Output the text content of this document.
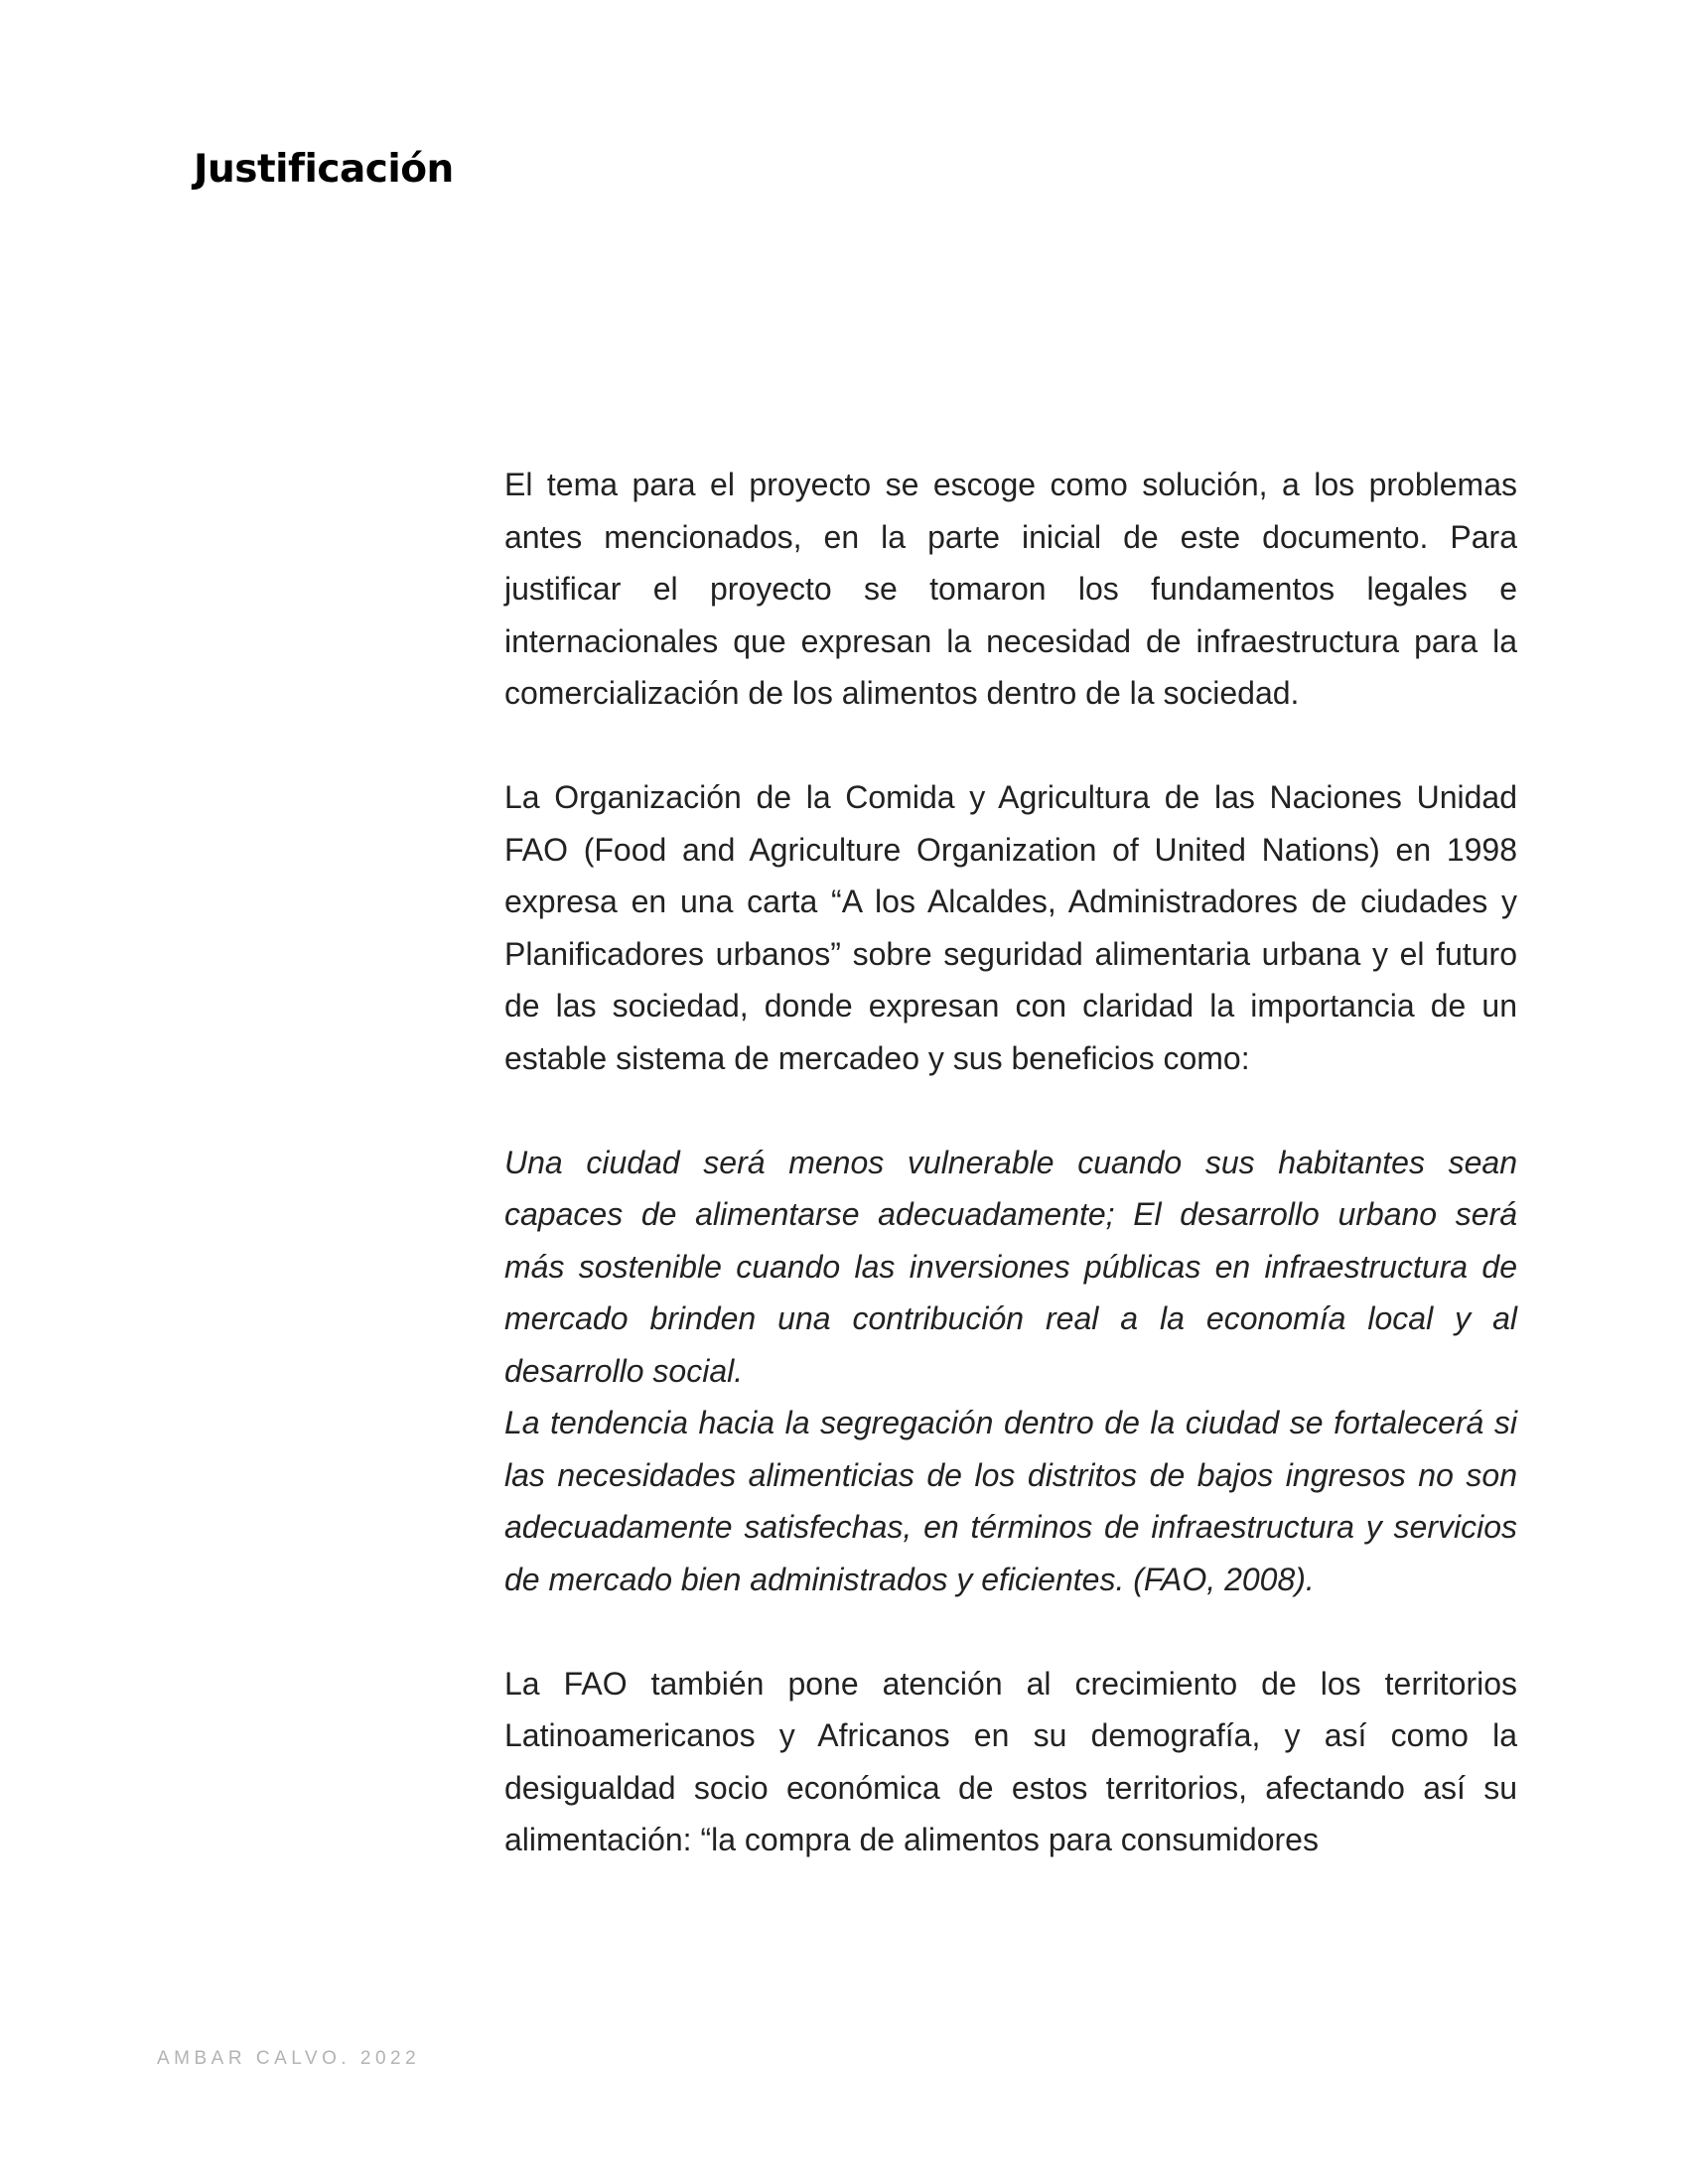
Justificación

El tema para el proyecto se escoge como solución, a los problemas antes mencionados, en la parte inicial de este documento. Para justificar el proyecto se tomaron los fundamentos legales e internacionales que expresan la necesidad de infraestructura para la comercialización de los alimentos dentro de la sociedad.

La Organización de la Comida y Agricultura de las Naciones Unidad FAO (Food and Agriculture Organization of United Nations) en 1998 expresa en una carta “A los Alcaldes, Administradores de ciudades y Planificadores urbanos” sobre seguridad alimentaria urbana y el futuro de las sociedad, donde expresan con claridad la importancia de un estable sistema de mercadeo y sus beneficios como:

Una ciudad será menos vulnerable cuando sus habitantes sean capaces de alimentarse adecuadamente; El desarrollo urbano será más sostenible cuando las inversiones públicas en infraestructura de mercado brinden una contribución real a la economía local y al desarrollo social.

La tendencia hacia la segregación dentro de la ciudad se fortalecerá si las necesidades alimenticias de los distritos de bajos ingresos no son adecuadamente satisfechas, en términos de infraestructura y servicios de mercado bien administrados y eficientes. (FAO, 2008).

La FAO también pone atención al crecimiento de los territorios Latinoamericanos y Africanos en su demografía, y así como la desigualdad socio económica de estos territorios, afectando así su alimentación: “la compra de alimentos para consumidores

AMBAR CALVO. 2022
